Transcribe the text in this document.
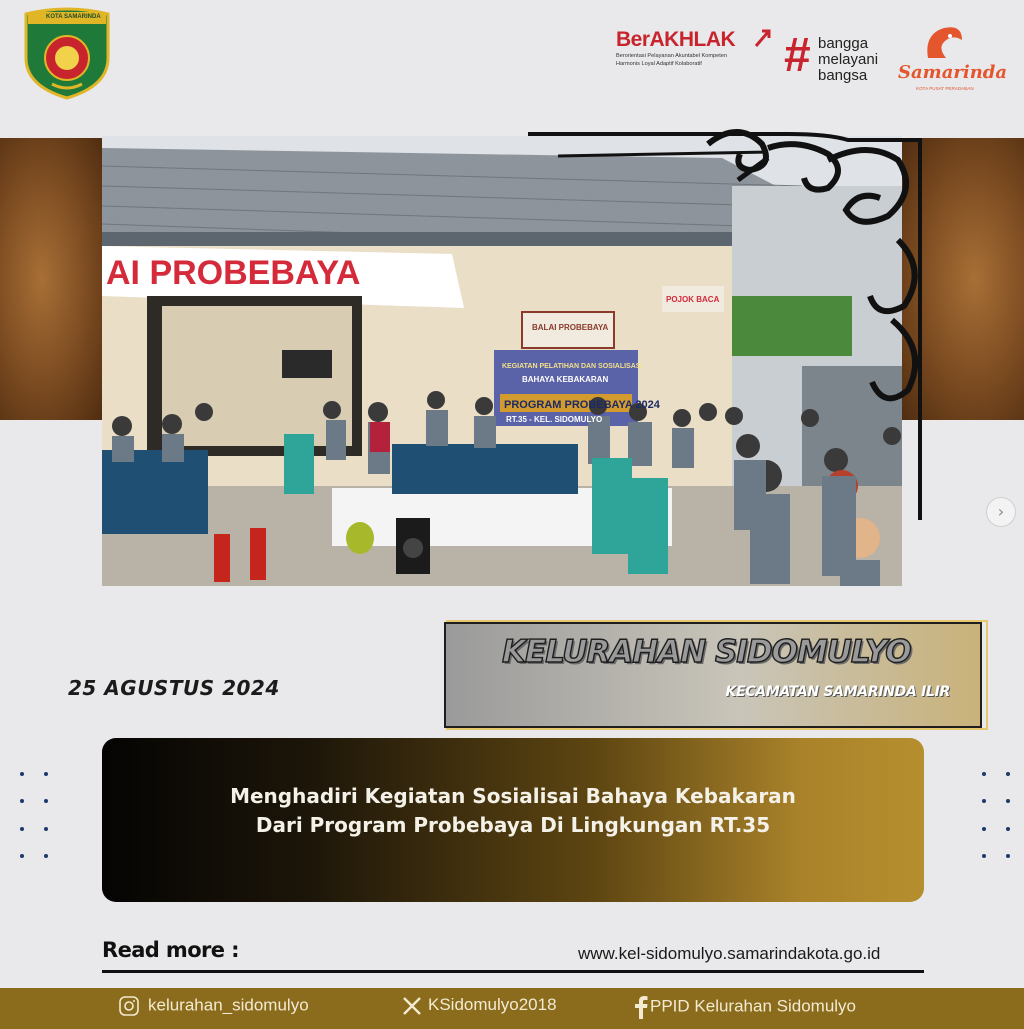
KOTA SAMARINDA
BerAKHLAK
Berorientasi Pelayanan Akuntabel Kompeten
Harmonis Loyal Adaptif Kolaboratif	# bangga
melayani
bangsa	Samarinda
KOTA PUSAT PERADABAN
AI PROBEBAYA
BALAI PROBEBAYA
POJOK BACA
KEGIATAN PELATIHAN DAN SOSIALISASI
BAHAYA KEBAKARAN
PROGRAM PROBEBAYA 2024
RT.35 - KEL. SIDOMULYO
›
25 AGUSTUS 2024
KELURAHAN SIDOMULYO
KECAMATAN SAMARINDA ILIR
Menghadiri Kegiatan Sosialisai Bahaya Kebakaran
Dari Program Probebaya Di Lingkungan RT.35
Read more :	www.kel-sidomulyo.samarindakota.go.id
kelurahan_sidomulyo	KSidomulyo2018	PPID Kelurahan Sidomulyo
